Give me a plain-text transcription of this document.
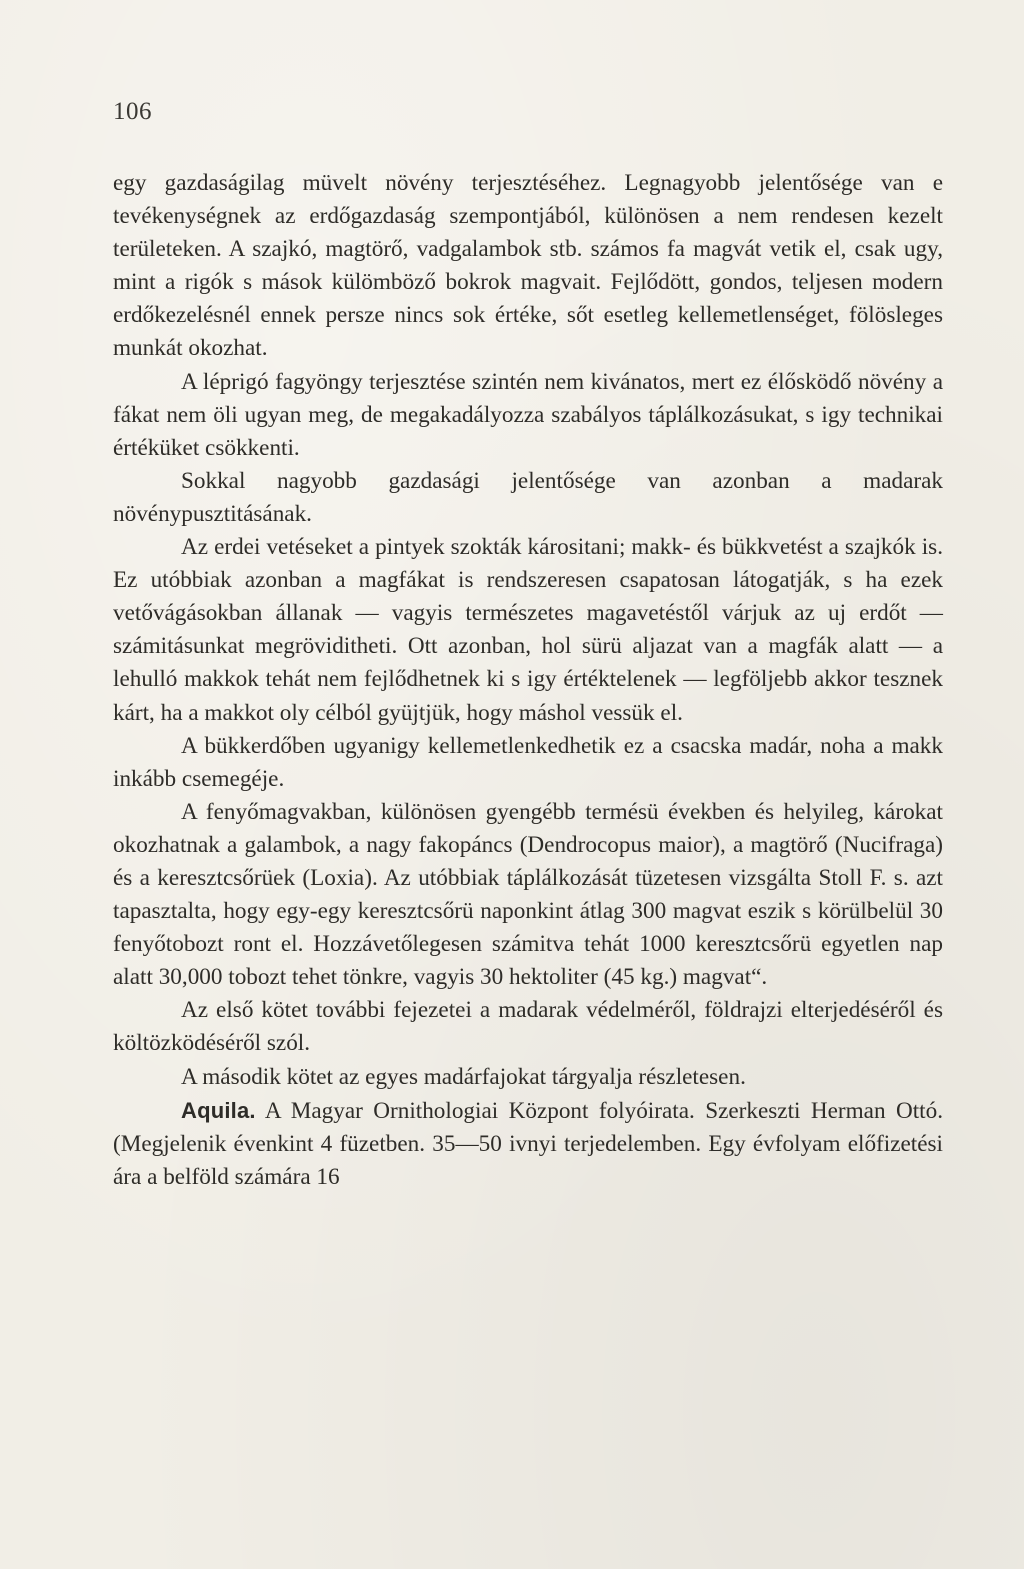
106

egy gazdaságilag müvelt növény terjesztéséhez. Legnagyobb jelentősége van e tevékenységnek az erdőgazdaság szempontjából, különösen a nem rendesen kezelt területeken. A szajkó, magtörő, vadgalambok stb. számos fa magvát vetik el, csak ugy, mint a rigók s mások külömböző bokrok magvait. Fejlődött, gondos, teljesen modern erdőkezelésnél ennek persze nincs sok értéke, sőt esetleg kellemetlenséget, fölösleges munkát okozhat.

A léprigó fagyöngy terjesztése szintén nem kivánatos, mert ez élősködő növény a fákat nem öli ugyan meg, de megakadályozza szabályos táplálkozásukat, s igy technikai értéküket csökkenti.

Sokkal nagyobb gazdasági jelentősége van azonban a madarak növénypusztitásának.

Az erdei vetéseket a pintyek szokták kárositani; makk- és bükkvetést a szajkók is. Ez utóbbiak azonban a magfákat is rendszeresen csapatosan látogatják, s ha ezek vetővágásokban állanak — vagyis természetes magavetéstől várjuk az uj erdőt — számitásunkat megröviditheti. Ott azonban, hol sürü aljazat van a magfák alatt — a lehulló makkok tehát nem fejlődhetnek ki s igy értéktelenek — legföljebb akkor tesznek kárt, ha a makkot oly célból gyüjtjük, hogy máshol vessük el.

A bükkerdőben ugyanigy kellemetlenkedhetik ez a csacska madár, noha a makk inkább csemegéje.

A fenyőmagvakban, különösen gyengébb termésü években és helyileg, károkat okozhatnak a galambok, a nagy fakopáncs (Dendrocopus maior), a magtörő (Nucifraga) és a keresztcsőrüek (Loxia). Az utóbbiak táplálkozását tüzetesen vizsgálta Stoll F. s. azt tapasztalta, hogy egy-egy keresztcsőrü naponkint átlag 300 magvat eszik s körülbelül 30 fenyőtobozt ront el. Hozzávetőlegesen számitva tehát 1000 keresztcsőrü egyetlen nap alatt 30,000 tobozt tehet tönkre, vagyis 30 hektoliter (45 kg.) magvat“.

Az első kötet további fejezetei a madarak védelméről, földrajzi elterjedéséről és költözködéséről szól.

A második kötet az egyes madárfajokat tárgyalja részletesen.

Aquila. A Magyar Ornithologiai Központ folyóirata. Szerkeszti Herman Ottó. (Megjelenik évenkint 4 füzetben. 35—50 ivnyi terjedelemben. Egy évfolyam előfizetési ára a belföld számára 16
